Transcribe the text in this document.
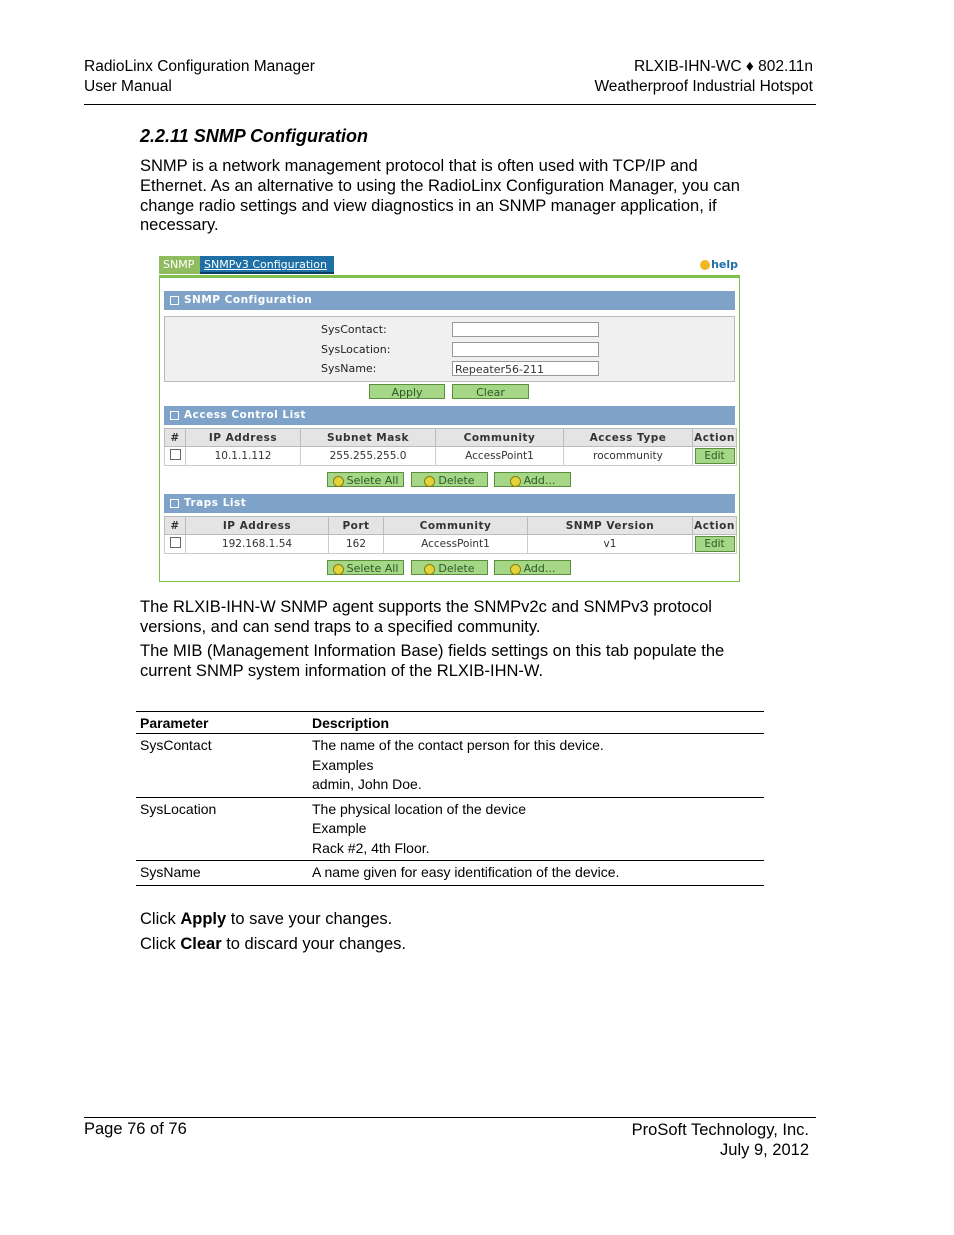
RadioLinx Configuration Manager
User Manual
RLXIB-IHN-WC ♦ 802.11n
Weatherproof Industrial Hotspot
2.2.11 SNMP Configuration
SNMP is a network management protocol that is often used with TCP/IP and Ethernet. As an alternative to using the RadioLinx Configuration Manager, you can change radio settings and view diagnostics in an SNMP manager application, if necessary.
SNMP SNMPv3 Configuration	help
SNMP Configuration
SysContact:
SysLocation:
SysName:	Repeater56-211
Apply	Clear
Access Control List
#	IP Address	Subnet Mask	Community	Access Type	Action
	10.1.1.112	255.255.255.0	AccessPoint1	rocommunity	Edit
Selete All	Delete	Add...
Traps List
#	IP Address	Port	Community	SNMP Version	Action
	192.168.1.54	162	AccessPoint1	v1	Edit
Selete All	Delete	Add...
The RLXIB-IHN-W SNMP agent supports the SNMPv2c and SNMPv3 protocol versions, and can send traps to a specified community.
The MIB (Management Information Base) fields settings on this tab populate the current SNMP system information of the RLXIB-IHN-W.
Parameter	Description
SysContact	The name of the contact person for this device.
Examples
admin, John Doe.

SysLocation	The physical location of the device
Example
Rack #2, 4th Floor.

SysName	A name given for easy identification of the device.
Click Apply to save your changes.
Click Clear to discard your changes.
Page 76 of 76	ProSoft Technology, Inc.
July 9, 2012
